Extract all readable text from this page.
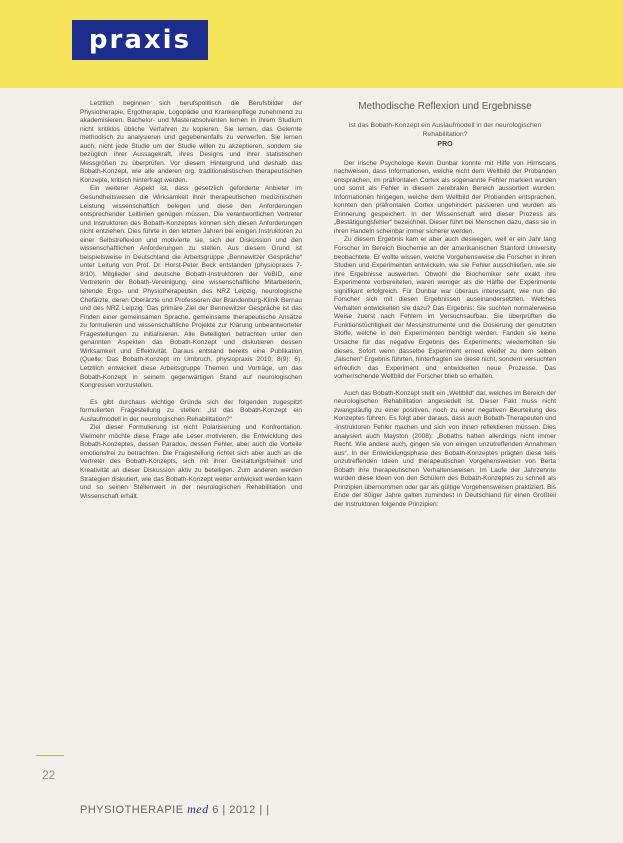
praxis

Letztlich beginnen sich berufspolitisch die Berufsbilder der Physiotherapie, Ergotherapie, Logopädie und Krankenpflege zunehmend zu akademisieren. Bachelor- und Masterabsolventen lernen in ihrem Studium nicht kritiklos übliche Verfahren zu kopieren. Sie lernen, das Gelernte methodisch zu analysieren und gegebenenfalls zu verwerfen. Sie lernen auch, nicht jede Studie um der Studie willen zu akzeptieren, sondern sie bezüglich ihrer Aussagekraft, ihres Designs und ihrer statistischen Messgrößen zu überprüfen. Vor diesem Hintergrund und deshalb das Bobath-Konzept, wie alle anderen org. traditionalistischen therapeutischen Konzepte, kritisch hinterfragt werden.

Ein weiterer Aspekt ist, dass gesetzlich geforderte Anbieter im Gesundheitswesen die Wirksamkeit ihrer therapeutischen medizinischen Leistung wissenschaftlich belegen und diese den Anforderungen entsprechender Leitlinien genügen müssen. Die verantwortlichen Vertreter und Instruktoren des Bobath-Konzeptes können sich diesen Anforderungen nicht entziehen. Dies führte in den letzten Jahren bei einigen Instruktoren zu einer Selbstreflexion und motivierte sie, sich der Diskussion und den wissenschaftlichen Anforderungen zu stellen. Aus diesem Grund ist beispielsweise in Deutschland die Arbeitsgruppe „Bennewitzer Gespräche“ unter Leitung von Prof. Dr. Horst-Peter Beck entstanden (physiopraxis 7-8/10). Mitglieder sind deutsche Bobath-Instruktoren der VeBID, eine Vertreterin der Bobath-Vereinigung, eine wissenschaftliche Mitarbeiterin, leitende Ergo- und Physiotherapeuten des NRZ Leipzig, neurologische Chefärzte, deren Oberärzte und Professoren der Brandenburg-Klinik Bernau und des NRZ Leipzig. Das primäre Ziel der Bennewitzer Gespräche ist das Finden einer gemeinsamen Sprache, gemeinsame therapeutische Ansätze zu formulieren und wissenschaftliche Projekte zur Klärung unbeantworteter Fragestellungen zu initialisieren. Alle Beteiligten betrachten unter den genannten Aspekten das Bobath-Konzept und diskutieren dessen Wirksamkeit und Effektivität. Daraus entstand bereits eine Publikation (Quelle: Das Bobath-Konzept im Umbruch, physiopraxis 2010; 8(9): 6). Letztlich entwickelt diese Arbeitsgruppe Themen und Vorträge, um das Bobath-Konzept in seinem gegenwärtigen Stand auf neurologischen Kongressen vorzustellen.

Es gibt durchaus wichtige Gründe sich der folgenden zugespitzt formulierten Fragestellung zu stellen: „Ist das Bobath-Konzept ein Auslaufmodell in der neurologischen Rehabilitation?“

Ziel dieser Formulierung ist nicht Polarisierung und Konfrontation. Vielmehr möchte diese Frage alle Leser motivieren, die Entwicklung des Bobath-Konzeptes, dessen Paradox, dessen Fehler, aber auch die Vorteile emotionsfrei zu betrachten. Die Fragestellung richtet sich aber auch an die Vertreter des Bobath-Konzepts, sich mit ihrer Gestaltungsfreiheit und Kreativität an dieser Diskussion aktiv zu beteiligen. Zum anderen werden Strategien diskutiert, wie das Bobath-Konzept weiter entwickelt werden kann und so seinen Stellenwert in der neurologischen Rehabilitation und Wissenschaft erhält.

Methodische Reflexion und Ergebnisse
Ist das Bobath-Konzept ein Auslaufmodell in der neurologischen Rehabilitation?
PRO

Der irische Psychologe Kevin Dunbar konnte mit Hilfe von Hirnscans nachweisen, dass Informationen, welche nicht dem Weltbild der Probanden entsprachen, im präfrontalen Cortex als sogenannte Fehler markiert wurden und somit als Fehler in diesem zerebralen Bereich aussortiert wurden. Informationen hingegen, welche dem Weltbild der Probanden entsprachen, konnten den präfrontalen Cortex ungehindert passieren und wurden als Erinnerung gespeichert. In der Wissenschaft wird dieser Prozess als „Bestätigungsfehler“ bezeichnet. Dieser führt bei Menschen dazu, dass sie in ihren Handeln scheinbar immer sicherer werden.

Zu diesem Ergebnis kam er aber auch deswegen, weil er ein Jahr lang Forscher im Bereich Biochemie an der amerikanischen Stanford University beobachtete. Er wollte wissen, welche Vorgehensweise die Forscher in ihren Studien und Experimenten entwickeln, wie sie Fehler ausschließen, wie sie ihre Ergebnisse auswerten. Obwohl die Biochemiker sehr exakt ihre Experimente vorbereiteten, waren weniger als die Hälfte der Experimente signifikant erfolgreich. Für Dunbar war überaus interessant, wie nun die Forscher sich mit diesen Ergebnissen auseinandersetzten. Welches Verhalten entwickelten sie dazu? Das Ergebnis: Sie suchten normalerweise Weise zuerst nach Fehlern im Versuchsaufbau. Sie überprüften die Funktionstüchtigkeit der Messinstrumente und die Dosierung der genutzten Stoffe, welche in den Experimenten benötigt werden. Fanden sie keine Ursache für das negative Ergebnis des Experiments, wiederholten sie dieses. Sofort wenn dasselbe Experiment erneut wieder zu dem selben „falschen“ Ergebnis führten, hinterfragten sie diese nicht, sondern versuchten erfreulich das Experiment und entwickelten neue Prozesse. Das vorherrschende Weltbild der Forscher blieb so erhalten.

Auch das Bobath-Konzept stellt ein „Weltbild“ dar, welches im Bereich der neurologischen Rehabilitation angesiedelt ist. Dieser Fakt muss nicht zwangsläufig zu einer positiven, noch zu einer negativen Beurteilung des Konzeptes führen. Es folgt aber daraus, dass auch Bobath-Therapeuten und -Instruktoren Fehler machen und sich von ihnen reflektieren müssen. Dies analysiert auch Mayston (2008): „Bobaths hatten allerdings nicht immer Recht. Wie andere auch, gingen sie von einigen unzutreffenden Annahmen aus“. In der Entwicklungsphase des Bobath-Konzeptes prägten diese teils unzutreffenden Ideen und therapeutischen Vorgehensweisen von Berta Bobath ihre therapeutischen Verhaltensweisen. Im Laufe der Jahrzehnte wurden diese Ideen von den Schülern des Bobath-Konzeptes zu schnell als Prinzipien übernommen oder gar als gültige Vorgehensweisen praktiziert. Bis Ende der 80iger Jahre galten zumindest in Deutschland für einen Großteil der Instruktoren folgende Prinzipien:

22
PHYSIOTHERAPIE med 6 | 2012 | |
